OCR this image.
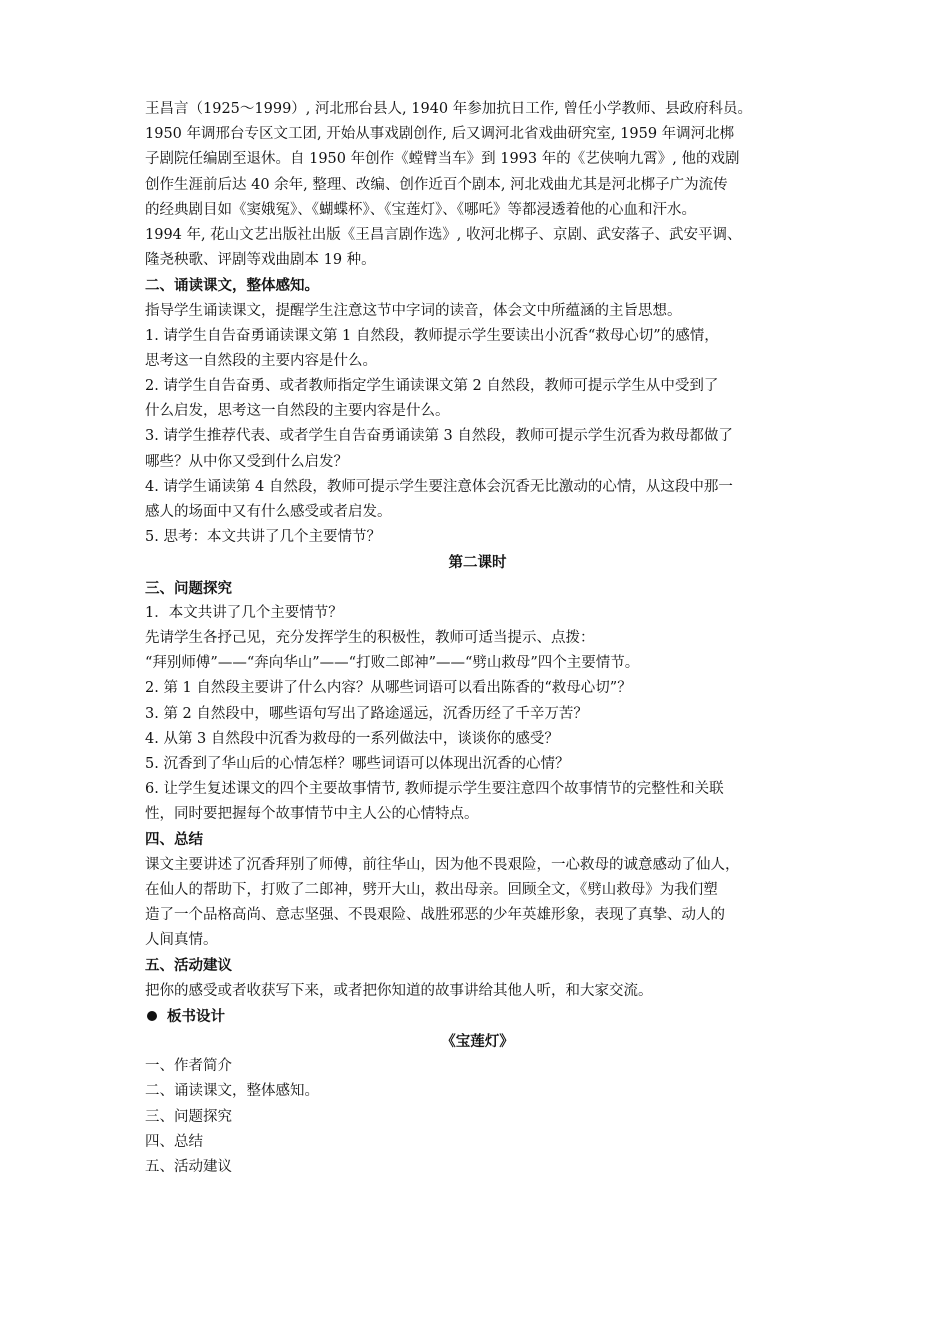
王昌言（1925～1999）, 河北邢台县人, 1940 年参加抗日工作, 曾任小学教师、县政府科员。
1950 年调邢台专区文工团, 开始从事戏剧创作, 后又调河北省戏曲研究室, 1959 年调河北梆
子剧院任编剧至退休。自 1950 年创作《螳臂当车》到 1993 年的《艺侠响九霄》, 他的戏剧
创作生涯前后达 40 余年, 整理、改编、创作近百个剧本, 河北戏曲尤其是河北梆子广为流传
的经典剧目如《窦娥冤》、《蝴蝶杯》、《宝莲灯》、《哪吒》等都浸透着他的心血和汗水。
1994 年, 花山文艺出版社出版《王昌言剧作选》, 收河北梆子、京剧、武安落子、武安平调、
隆尧秧歌、评剧等戏曲剧本 19 种。
二、诵读课文，整体感知。
指导学生诵读课文，提醒学生注意这节中字词的读音，体会文中所蕴涵的主旨思想。
1. 请学生自告奋勇诵读课文第 1 自然段，教师提示学生要读出小沉香“救母心切”的感情，
思考这一自然段的主要内容是什么。
2. 请学生自告奋勇、或者教师指定学生诵读课文第 2 自然段，教师可提示学生从中受到了
什么启发，思考这一自然段的主要内容是什么。
3. 请学生推荐代表、或者学生自告奋勇诵读第 3 自然段，教师可提示学生沉香为救母都做了
哪些？从中你又受到什么启发？
4. 请学生诵读第 4 自然段，教师可提示学生要注意体会沉香无比激动的心情，从这段中那一
感人的场面中又有什么感受或者启发。
5. 思考：本文共讲了几个主要情节？
第二课时
三、问题探究
1．本文共讲了几个主要情节？
先请学生各抒己见，充分发挥学生的积极性，教师可适当提示、点拨：
“拜别师傅”——“奔向华山”——“打败二郎神”——“劈山救母”四个主要情节。
2. 第 1 自然段主要讲了什么内容？从哪些词语可以看出陈香的“救母心切”？
3. 第 2 自然段中，哪些语句写出了路途遥远，沉香历经了千辛万苦？
4. 从第 3 自然段中沉香为救母的一系列做法中，谈谈你的感受？
5. 沉香到了华山后的心情怎样？哪些词语可以体现出沉香的心情？
6. 让学生复述课文的四个主要故事情节, 教师提示学生要注意四个故事情节的完整性和关联
性，同时要把握每个故事情节中主人公的心情特点。
四、总结
课文主要讲述了沉香拜别了师傅，前往华山，因为他不畏艰险，一心救母的诚意感动了仙人，
在仙人的帮助下，打败了二郎神，劈开大山，救出母亲。回顾全文，《劈山救母》为我们塑
造了一个品格高尚、意志坚强、不畏艰险、战胜邪恶的少年英雄形象，表现了真挚、动人的
人间真情。
五、活动建议
把你的感受或者收获写下来，或者把你知道的故事讲给其他人听，和大家交流。
板书设计
《宝莲灯》
一、作者简介
二、诵读课文，整体感知。
三、问题探究
四、总结
五、活动建议
